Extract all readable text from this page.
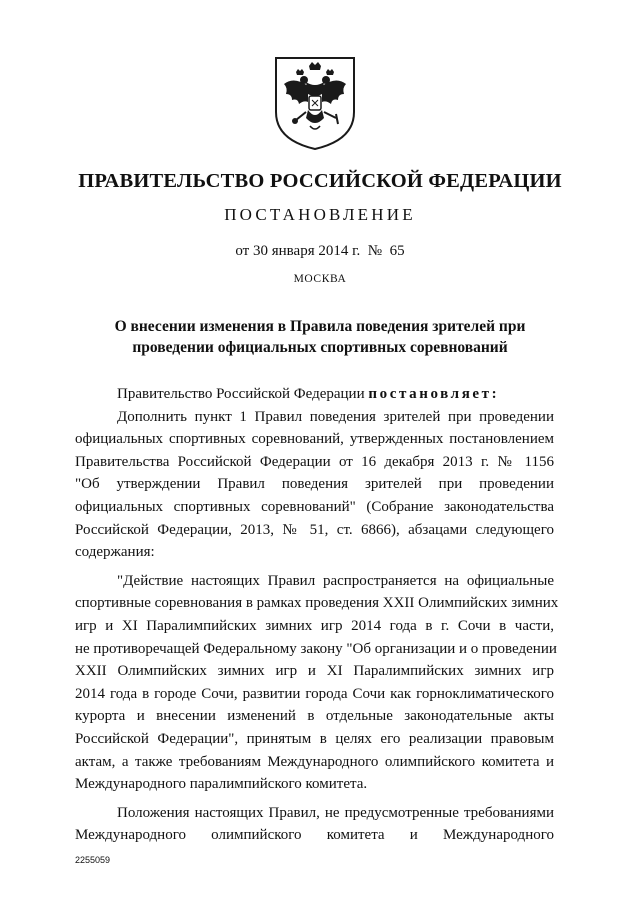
ПРАВИТЕЛЬСТВО РОССИЙСКОЙ ФЕДЕРАЦИИ
ПОСТАНОВЛЕНИЕ
от 30 января 2014 г.  №  65
МОСКВА
О внесении изменения в Правила поведения зрителей при
проведении официальных спортивных соревнований
Правительство Российской Федерации постановляет:
Дополнить пункт 1 Правил поведения зрителей при проведении
официальных спортивных соревнований, утвержденных постановлением
Правительства Российской Федерации от 16 декабря 2013 г. № 1156
"Об утверждении Правил поведения зрителей при проведении
официальных спортивных соревнований" (Собрание законодательства
Российской Федерации, 2013, № 51, ст. 6866), абзацами следующего
содержания:
"Действие настоящих Правил распространяется на официальные
спортивные соревнования в рамках проведения XXII Олимпийских зимних
игр и XI Паралимпийских зимних игр 2014 года в г. Сочи в части,
не противоречащей Федеральному закону "Об организации и о проведении
XXII Олимпийских зимних игр и XI Паралимпийских зимних игр
2014 года в городе Сочи, развитии города Сочи как горноклиматического
курорта и внесении изменений в отдельные законодательные акты
Российской Федерации", принятым в целях его реализации правовым
актам, а также требованиям Международного олимпийского комитета и
Международного паралимпийского комитета.
Положения настоящих Правил, не предусмотренные требованиями
Международного олимпийского комитета и Международного
2255059
